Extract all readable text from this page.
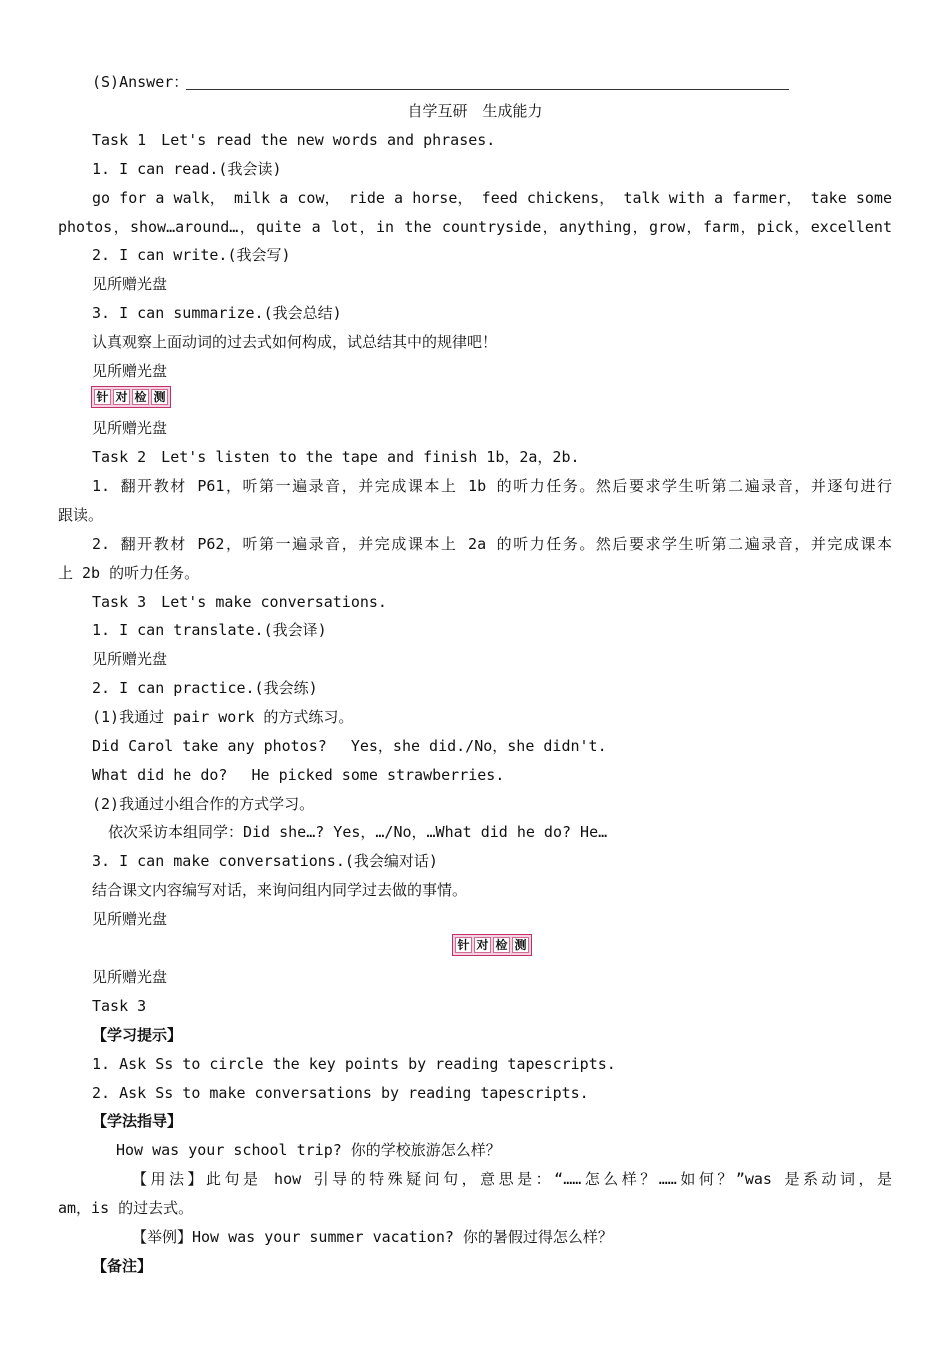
(S)Answer：
自学互研　生成能力
Task 1　Let's read the new words and phrases.
1. I can read.(我会读)
go for a walk， milk a cow， ride a horse， feed chickens， talk with a farmer， take some
photos，show…around…，quite a lot，in the countryside，anything，grow，farm，pick，excellent
2. I can write.(我会写)
见所赠光盘
3. I can summarize.(我会总结)
认真观察上面动词的过去式如何构成，试总结其中的规律吧！
见所赠光盘
针 对 检 测
见所赠光盘
Task 2　Let's listen to the tape and finish 1b，2a，2b.
1. 翻开教材 P61，听第一遍录音，并完成课本上 1b 的听力任务。然后要求学生听第二遍录音，并逐句进行
跟读。
2. 翻开教材 P62，听第一遍录音，并完成课本上 2a 的听力任务。然后要求学生听第二遍录音，并完成课本
上 2b 的听力任务。
Task 3　Let's make conversations.
1. I can translate.(我会译)
见所赠光盘
2. I can practice.(我会练)
(1)我通过 pair work 的方式练习。
Did Carol take any photos?　 Yes，she did./No，she didn't.
What did he do?　 He picked some strawberries.
(2)我通过小组合作的方式学习。
依次采访本组同学：Did she…? Yes，…/No，…What did he do? He…
3. I can make conversations.(我会编对话)
结合课文内容编写对话，来询问组内同学过去做的事情。
见所赠光盘
针 对 检 测
见所赠光盘
Task 3
【学习提示】
1. Ask Ss to circle the key points by reading tapescripts.
2. Ask Ss to make conversations by reading tapescripts.
【学法指导】
How was your school trip? 你的学校旅游怎么样？
【用法】此句是 how 引导的特殊疑问句，意思是：“……怎么样？……如何？”was 是系动词，是
am，is 的过去式。
【举例】How was your summer vacation? 你的暑假过得怎么样？
【备注】
